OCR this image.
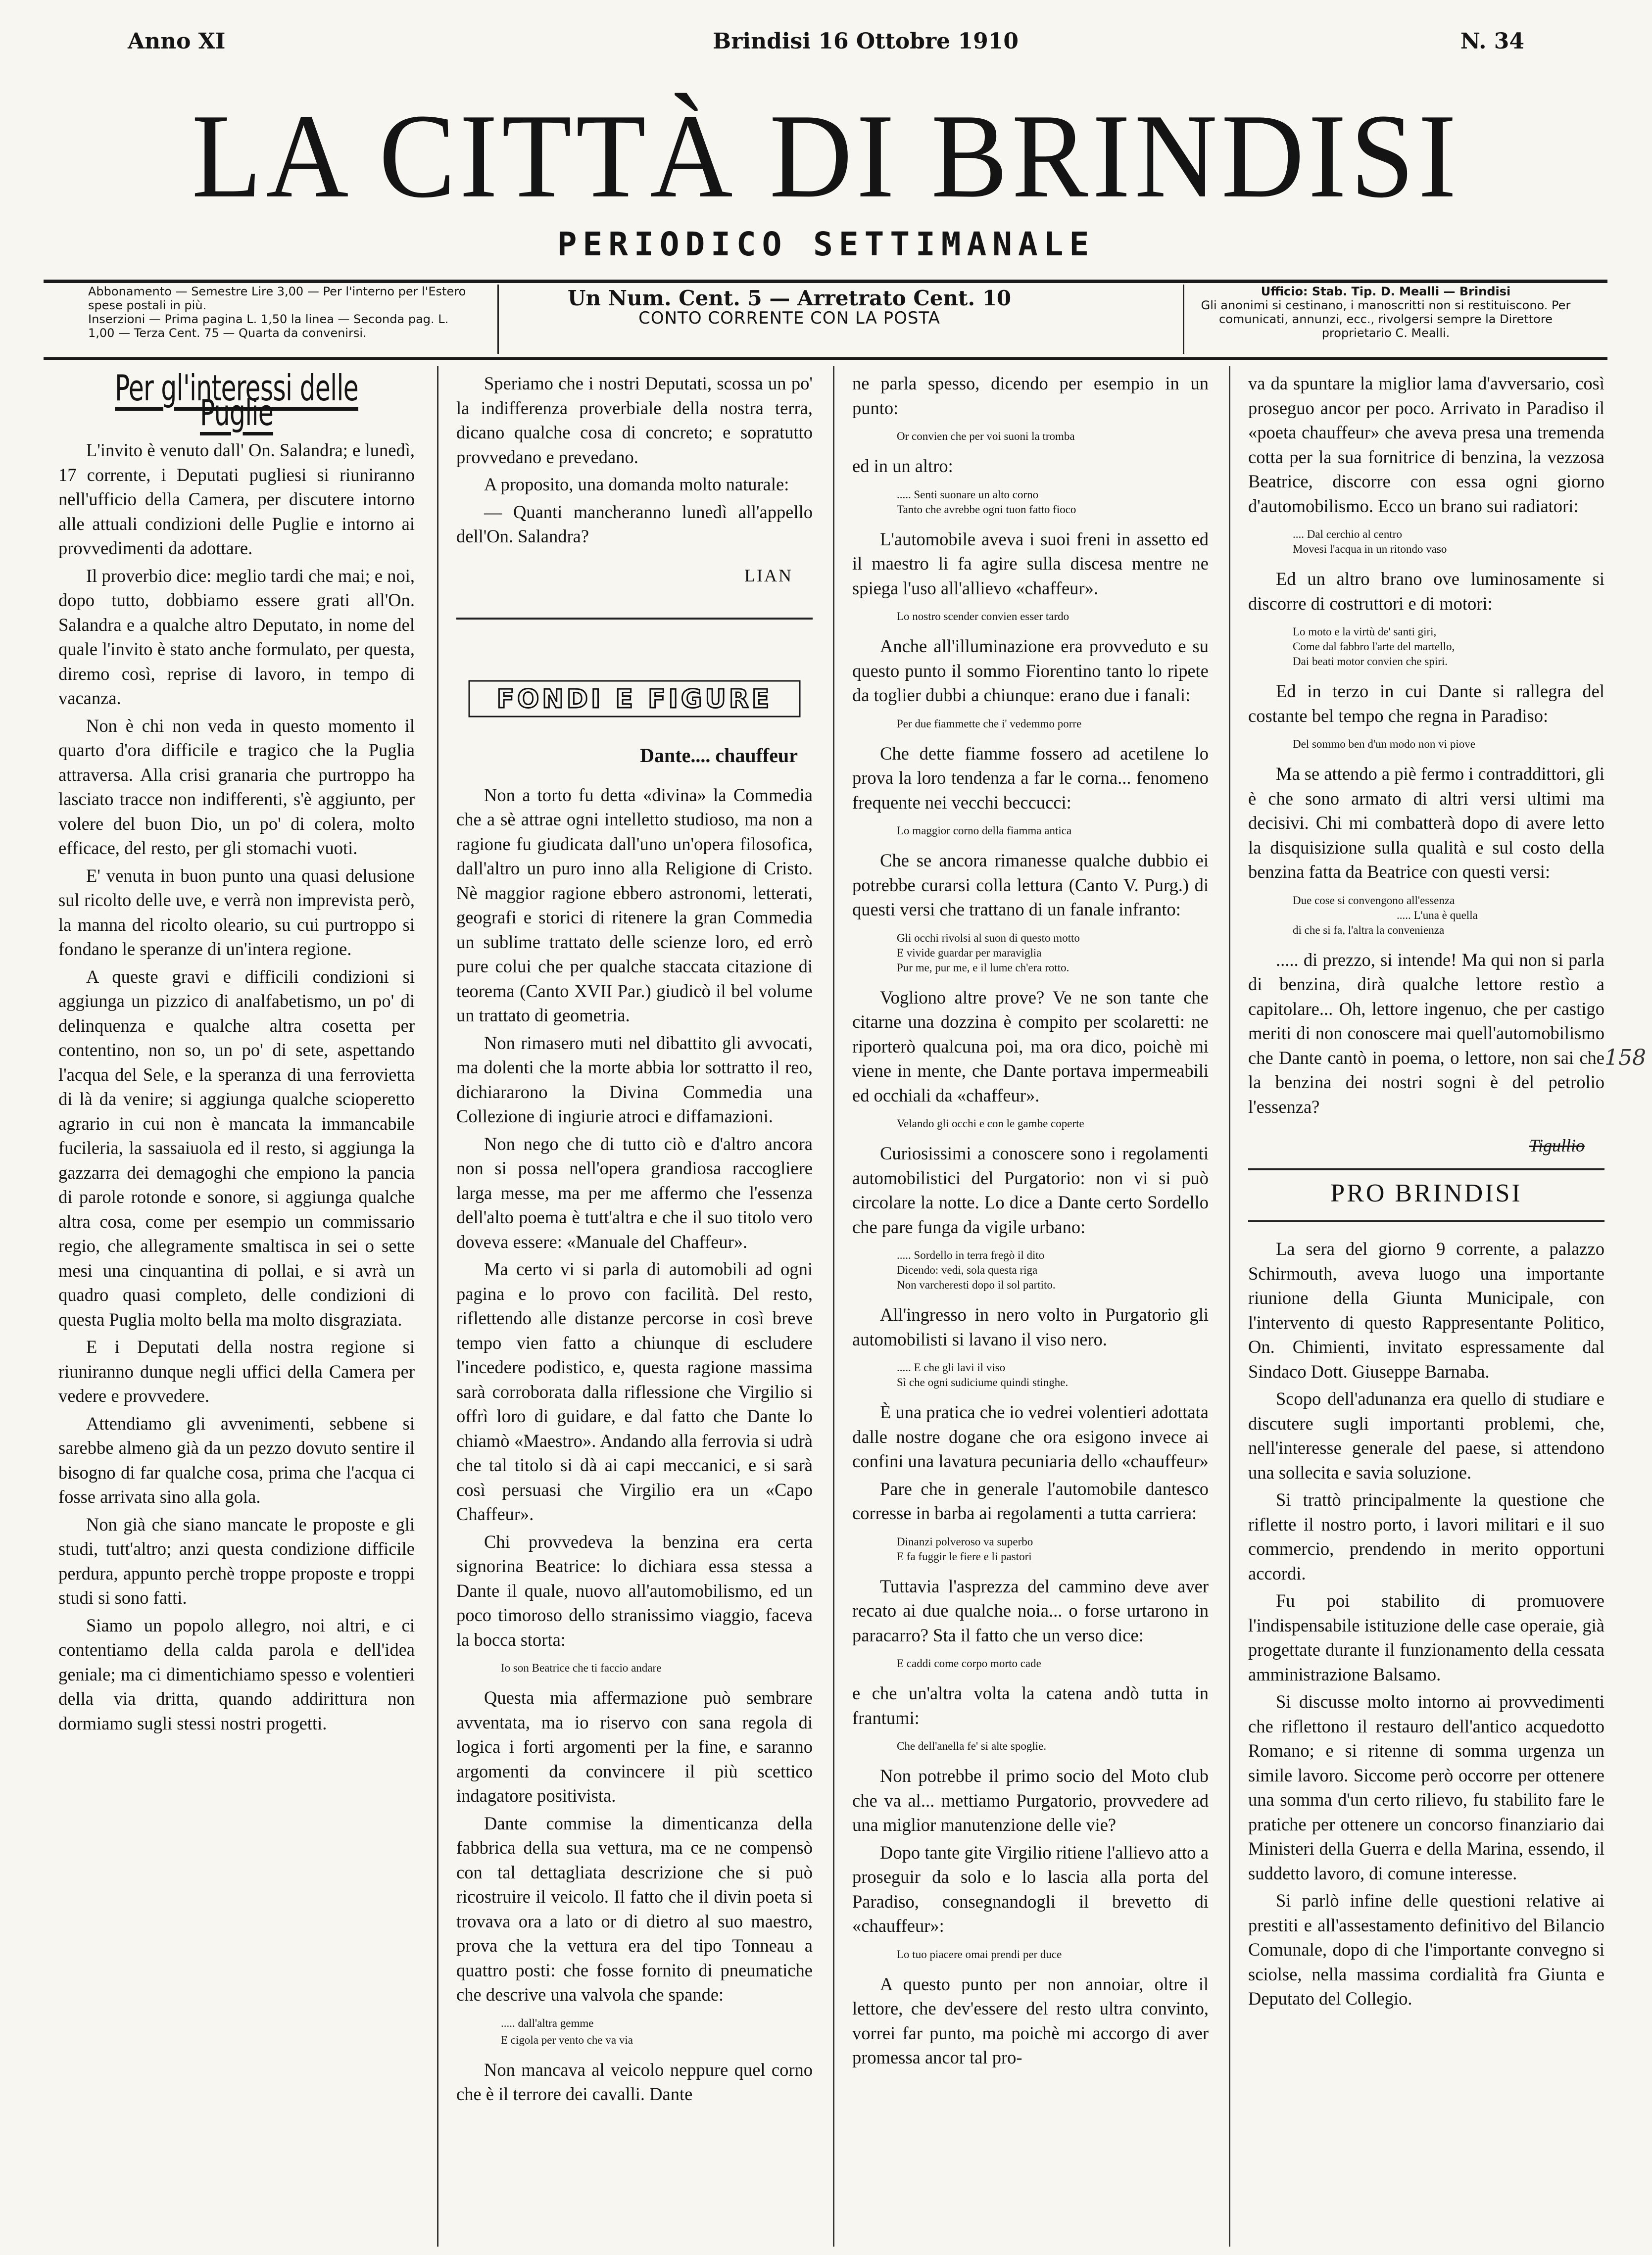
Anno XI	Brindisi 16 Ottobre 1910	N. 34
LA CITTÀ DI BRINDISI
PERIODICO SETTIMANALE
Abbonamento — Semestre Lire 3,00 — Per l'interno per l'Estero spese postali in più.
Inserzioni — Prima pagina L. 1,50 la linea — Seconda pag. L. 1,00 — Terza Cent. 75 — Quarta da convenirsi.
Un Num. Cent. 5 — Arretrato Cent. 10
CONTO CORRENTE CON LA POSTA
Ufficio: Stab. Tip. D. Mealli — Brindisi
Gli anonimi si cestinano, i manoscritti non si restituiscono. Per comunicati, annunzi, ecc., rivolgersi sempre la Direttore proprietario C. Mealli.
Per gl'interessi delle Puglie

L'invito è venuto dall' On. Salandra; e lunedì, 17 corrente, i Deputati pugliesi si riuniranno nell'ufficio della Camera, per discutere intorno alle attuali condizioni delle Puglie e intorno ai provvedimenti da adottare.

Il proverbio dice: meglio tardi che mai; e noi, dopo tutto, dobbiamo essere grati all'On. Salandra e a qualche altro Deputato, in nome del quale l'invito è stato anche formulato, per questa, diremo così, reprise di lavoro, in tempo di vacanza.

Non è chi non veda in questo momento il quarto d'ora difficile e tragico che la Puglia attraversa. Alla crisi granaria che purtroppo ha lasciato tracce non indifferenti, s'è aggiunto, per volere del buon Dio, un po' di colera, molto efficace, del resto, per gli stomachi vuoti.

E' venuta in buon punto una quasi delusione sul ricolto delle uve, e verrà non imprevista però, la manna del ricolto oleario, su cui purtroppo si fondano le speranze di un'intera regione.

A queste gravi e difficili condizioni si aggiunga un pizzico di analfabetismo, un po' di delinquenza e qualche altra cosetta per contentino, non so, un po' di sete, aspettando l'acqua del Sele, e la speranza di una ferrovietta di là da venire; si aggiunga qualche scioperetto agrario in cui non è mancata la immancabile fucileria, la sassaiuola ed il resto, si aggiunga la gazzarra dei demagoghi che empiono la pancia di parole rotonde e sonore, si aggiunga qualche altra cosa, come per esempio un commissario regio, che allegramente smaltisca in sei o sette mesi una cinquantina di pollai, e si avrà un quadro quasi completo, delle condizioni di questa Puglia molto bella ma molto disgraziata.

E i Deputati della nostra regione si riuniranno dunque negli uffici della Camera per vedere e provvedere.

Attendiamo gli avvenimenti, sebbene si sarebbe almeno già da un pezzo dovuto sentire il bisogno di far qualche cosa, prima che l'acqua ci fosse arrivata sino alla gola.

Non già che siano mancate le proposte e gli studi, tutt'altro; anzi questa condizione difficile perdura, appunto perchè troppe proposte e troppi studi si sono fatti.

Siamo un popolo allegro, noi altri, e ci contentiamo della calda parola e dell'idea geniale; ma ci dimentichiamo spesso e volentieri della via dritta, quando addirittura non dormiamo sugli stessi nostri progetti.

Speriamo che i nostri Deputati, scossa un po' la indifferenza proverbiale della nostra terra, dicano qualche cosa di concreto; e sopratutto provvedano e prevedano.

A proposito, una domanda molto naturale:

— Quanti mancheranno lunedì all'appello dell'On. Salandra?

LIAN
FONDI E FIGURE
Dante.... chauffeur

Non a torto fu detta «divina» la Commedia che a sè attrae ogni intelletto studioso, ma non a ragione fu giudicata dall'uno un'opera filosofica, dall'altro un puro inno alla Religione di Cristo. Nè maggior ragione ebbero astronomi, letterati, geografi e storici di ritenere la gran Commedia un sublime trattato delle scienze loro, ed errò pure colui che per qualche staccata citazione di teorema (Canto XVII Par.) giudicò il bel volume un trattato di geometria.

Non rimasero muti nel dibattito gli avvocati, ma dolenti che la morte abbia lor sottratto il reo, dichiararono la Divina Commedia una Collezione di ingiurie atroci e diffamazioni.

Non nego che di tutto ciò e d'altro ancora non si possa nell'opera grandiosa raccogliere larga messe, ma per me affermo che l'essenza dell'alto poema è tutt'altra e che il suo titolo vero doveva essere: «Manuale del Chaffeur».

Ma certo vi si parla di automobili ad ogni pagina e lo provo con facilità. Del resto, riflettendo alle distanze percorse in così breve tempo vien fatto a chiunque di escludere l'incedere podistico, e, questa ragione massima sarà corroborata dalla riflessione che Virgilio si offrì loro di guidare, e dal fatto che Dante lo chiamò «Maestro». Andando alla ferrovia si udrà che tal titolo si dà ai capi meccanici, e si sarà così persuasi che Virgilio era un «Capo Chaffeur».

Chi provvedeva la benzina era certa signorina Beatrice: lo dichiara essa stessa a Dante il quale, nuovo all'automobilismo, ed un poco timoroso dello stranissimo viaggio, faceva la bocca storta:

Io son Beatrice che ti faccio andare

Questa mia affermazione può sembrare avventata, ma io riservo con sana regola di logica i forti argomenti per la fine, e saranno argomenti da convincere il più scettico indagatore positivista.

Dante commise la dimenticanza della fabbrica della sua vettura, ma ce ne compensò con tal dettagliata descrizione che si può ricostruire il veicolo. Il fatto che il divin poeta si trovava ora a lato or di dietro al suo maestro, prova che la vettura era del tipo Tonneau a quattro posti: che fosse fornito di pneumatiche che descrive una valvola che spande:

..... dall'altra gemme
E cigola per vento che va via

Non mancava al veicolo neppure quel corno che è il terrore dei cavalli. Dante

ne parla spesso, dicendo per esempio in un punto:

Or convien che per voi suoni la tromba

ed in un altro:

..... Senti suonare un alto corno
Tanto che avrebbe ogni tuon fatto fioco

L'automobile aveva i suoi freni in assetto ed il maestro li fa agire sulla discesa mentre ne spiega l'uso all'allievo «chaffeur».

Lo nostro scender convien esser tardo

Anche all'illuminazione era provveduto e su questo punto il sommo Fiorentino tanto lo ripete da toglier dubbi a chiunque: erano due i fanali:

Per due fiammette che i' vedemmo porre

Che dette fiamme fossero ad acetilene lo prova la loro tendenza a far le corna... fenomeno frequente nei vecchi beccucci:

Lo maggior corno della fiamma antica

Che se ancora rimanesse qualche dubbio ei potrebbe curarsi colla lettura (Canto V. Purg.) di questi versi che trattano di un fanale infranto:

Gli occhi rivolsi al suon di questo motto
E vivide guardar per maraviglia
Pur me, pur me, e il lume ch'era rotto.

Vogliono altre prove? Ve ne son tante che citarne una dozzina è compito per scolaretti: ne riporterò qualcuna poi, ma ora dico, poichè mi viene in mente, che Dante portava impermeabili ed occhiali da «chaffeur».

Velando gli occhi e con le gambe coperte

Curiosissimi a conoscere sono i regolamenti automobilistici del Purgatorio: non vi si può circolare la notte. Lo dice a Dante certo Sordello che pare funga da vigile urbano:

..... Sordello in terra fregò il dito
Dicendo: vedi, sola questa riga
Non varcheresti dopo il sol partito.

All'ingresso in nero volto in Purgatorio gli automobilisti si lavano il viso nero.

..... E che gli lavi il viso
Sì che ogni sudiciume quindi stinghe.

È una pratica che io vedrei volentieri adottata dalle nostre dogane che ora esigono invece ai confini una lavatura pecuniaria dello «chauffeur»

Pare che in generale l'automobile dantesco corresse in barba ai regolamenti a tutta carriera:

Dinanzi polveroso va superbo
E fa fuggir le fiere e li pastori

Tuttavia l'asprezza del cammino deve aver recato ai due qualche noia... o forse urtarono in paracarro? Sta il fatto che un verso dice:

E caddi come corpo morto cade

e che un'altra volta la catena andò tutta in frantumi:

Che dell'anella fe' si alte spoglie.

Non potrebbe il primo socio del Moto club che va al... mettiamo Purgatorio, provvedere ad una miglior manutenzione delle vie?

Dopo tante gite Virgilio ritiene l'allievo atto a proseguir da solo e lo lascia alla porta del Paradiso, consegnandogli il brevetto di «chauffeur»:

Lo tuo piacere omai prendi per duce

A questo punto per non annoiar, oltre il lettore, che dev'essere del resto ultra convinto, vorrei far punto, ma poichè mi accorgo di aver promessa ancor tal pro-

va da spuntare la miglior lama d'avversario, così proseguo ancor per poco. Arrivato in Paradiso il «poeta chauffeur» che aveva presa una tremenda cotta per la sua fornitrice di benzina, la vezzosa Beatrice, discorre con essa ogni giorno d'automobilismo. Ecco un brano sui radiatori:

.... Dal cerchio al centro
Movesi l'acqua in un ritondo vaso

Ed un altro brano ove luminosamente si discorre di costruttori e di motori:

Lo moto e la virtù de' santi giri,
Come dal fabbro l'arte del martello,
Dai beati motor convien che spiri.

Ed in terzo in cui Dante si rallegra del costante bel tempo che regna in Paradiso:

Del sommo ben d'un modo non vi piove

Ma se attendo a piè fermo i contraddittori, gli è che sono armato di altri versi ultimi ma decisivi. Chi mi combatterà dopo di avere letto la disquisizione sulla qualità e sul costo della benzina fatta da Beatrice con questi versi:

Due cose si convengono all'essenza
..... L'una è quella
di che si fa, l'altra la convenienza

..... di prezzo, si intende! Ma qui non si parla di benzina, dirà qualche lettore restìo a capitolare... Oh, lettore ingenuo, che per castigo meriti di non conoscere mai quell'automobilismo che Dante cantò in poema, o lettore, non sai che la benzina dei nostri sogni è del petrolio l'essenza?

Tigullio
PRO BRINDISI

La sera del giorno 9 corrente, a palazzo Schirmouth, aveva luogo una importante riunione della Giunta Municipale, con l'intervento di questo Rappresentante Politico, On. Chimienti, invitato espressamente dal Sindaco Dott. Giuseppe Barnaba.

Scopo dell'adunanza era quello di studiare e discutere sugli importanti problemi, che, nell'interesse generale del paese, si attendono una sollecita e savia soluzione.

Si trattò principalmente la questione che riflette il nostro porto, i lavori militari e il suo commercio, prendendo in merito opportuni accordi.

Fu poi stabilito di promuovere l'indispensabile istituzione delle case operaie, già progettate durante il funzionamento della cessata amministrazione Balsamo.

Si discusse molto intorno ai provvedimenti che riflettono il restauro dell'antico acquedotto Romano; e si ritenne di somma urgenza un simile lavoro. Siccome però occorre per ottenere una somma d'un certo rilievo, fu stabilito fare le pratiche per ottenere un concorso finanziario dai Ministeri della Guerra e della Marina, essendo, il suddetto lavoro, di comune interesse.

Si parlò infine delle questioni relative ai prestiti e all'assestamento definitivo del Bilancio Comunale, dopo di che l'importante convegno si sciolse, nella massima cordialità fra Giunta e Deputato del Collegio.

158
